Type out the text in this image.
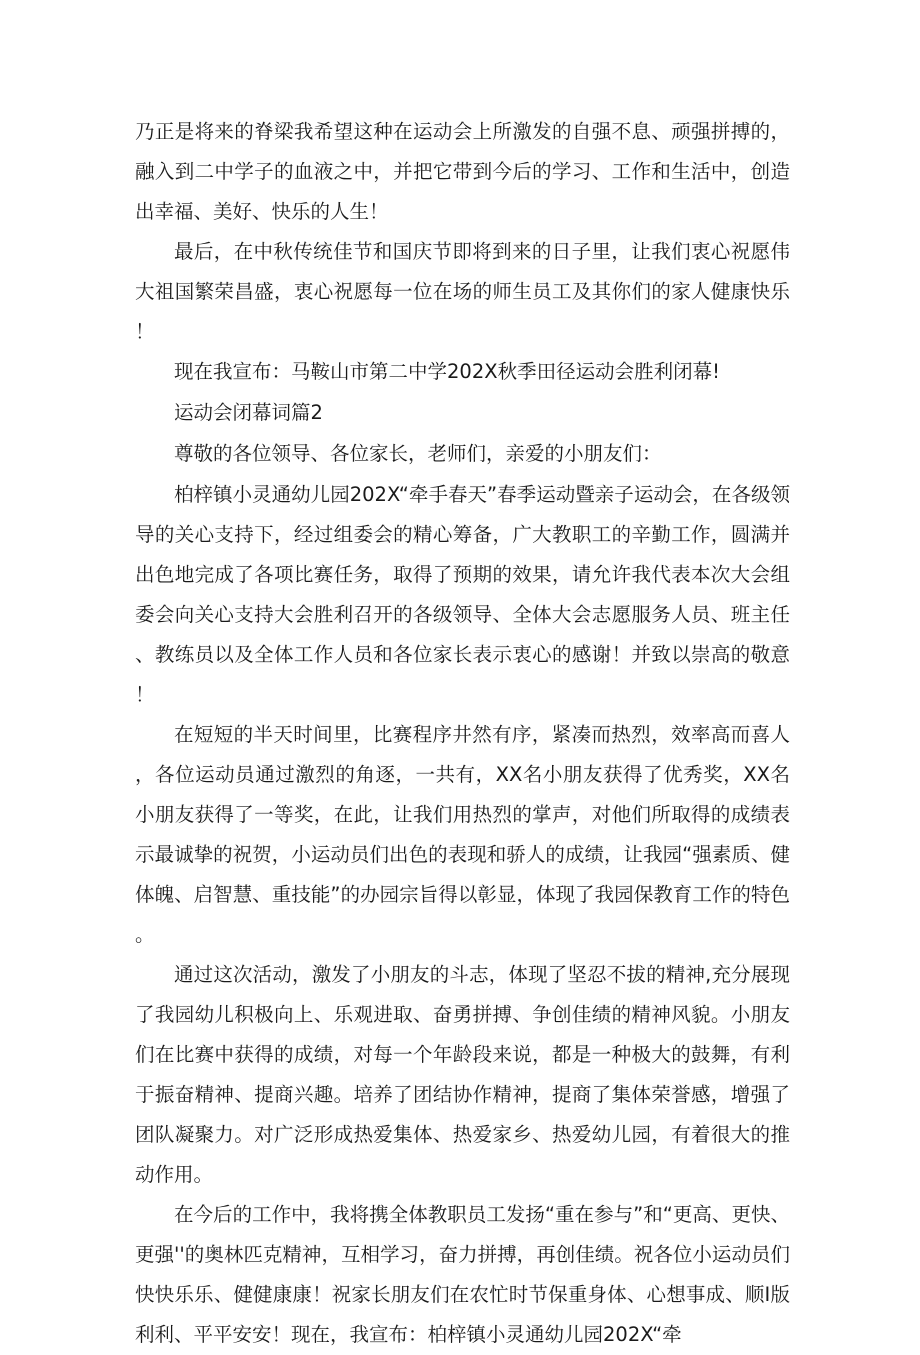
乃正是将来的脊梁我希望这种在运动会上所激发的自强不息、顽强拼搏的，融入到二中学子的血液之中，并把它带到今后的学习、工作和生活中，创造出幸福、美好、快乐的人生！

最后，在中秋传统佳节和国庆节即将到来的日子里，让我们衷心祝愿伟大祖国繁荣昌盛，衷心祝愿每一位在场的师生员工及其你们的家人健康快乐！

现在我宣布：马鞍山市第二中学202X秋季田径运动会胜利闭幕!

运动会闭幕词篇2

尊敬的各位领导、各位家长，老师们，亲爱的小朋友们：

柏梓镇小灵通幼儿园202X“牵手春天”春季运动暨亲子运动会，在各级领导的关心支持下，经过组委会的精心筹备，广大教职工的辛勤工作，圆满并出色地完成了各项比赛任务，取得了预期的效果，请允许我代表本次大会组委会向关心支持大会胜利召开的各级领导、全体大会志愿服务人员、班主任、教练员以及全体工作人员和各位家长表示衷心的感谢！并致以崇高的敬意！

在短短的半天时间里，比赛程序井然有序，紧凑而热烈，效率高而喜人，各位运动员通过激烈的角逐，一共有，XX名小朋友获得了优秀奖，XX名小朋友获得了一等奖，在此，让我们用热烈的掌声，对他们所取得的成绩表示最诚挚的祝贺，小运动员们出色的表现和骄人的成绩，让我园“强素质、健体魄、启智慧、重技能”的办园宗旨得以彰显，体现了我园保教育工作的特色。

通过这次活动，激发了小朋友的斗志，体现了坚忍不拔的精神,充分展现了我园幼儿积极向上、乐观进取、奋勇拼搏、争创佳绩的精神风貌。小朋友们在比赛中获得的成绩，对每一个年龄段来说，都是一种极大的鼓舞，有利于振奋精神、提商兴趣。培养了团结协作精神，提商了集体荣誉感，增强了团队凝聚力。对广泛形成热爱集体、热爱家乡、热爱幼儿园，有着很大的推动作用。

在今后的工作中，我将携全体教职员工发扬“重在参与”和“更高、更快、更强''的奥林匹克精神，互相学习，奋力拼搏，再创佳绩。祝各位小运动员们快快乐乐、健健康康！祝家长朋友们在农忙时节保重身体、心想事成、顺I版利利、平平安安！现在，我宣布：柏梓镇小灵通幼儿园202X“牵
